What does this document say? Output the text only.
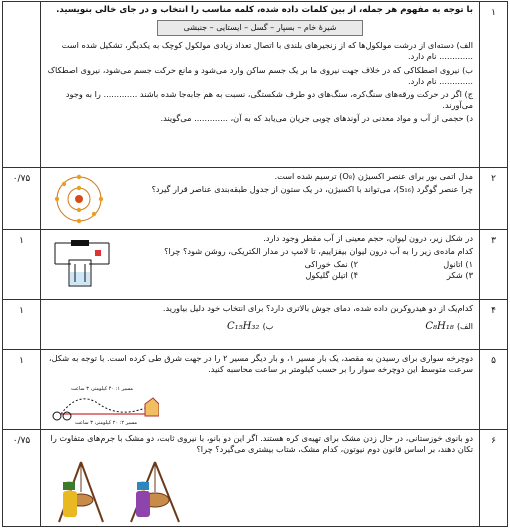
۱

با توجه به مفهوم هر جمله، از بین کلمات داده شده، کلمه مناسب را انتخاب و در جای خالی بنویسید.

شیرهٔ خام – بسپار – گسل – ایستایی – جنبشی

الف) دسته‌ای از درشت مولکول‌ها که از زنجیرهای بلندی با اتصال تعداد زیادی مولکول کوچک به یکدیگر، تشکیل شده است ............. نام دارد.

ب) نیروی اصطکاکی که در خلاف جهت نیروی ما بر یک جسم ساکن وارد می‌شود و مانع حرکت جسم می‌شود، نیروی اصطکاک ............. نام دارد.

ج) اگر در حرکت ورقه‌های سنگ‌کره، سنگ‌های دو طرف شکستگی، نسبت به هم جابه‌جا شده باشند ............. را به وجود می‌آورند.

د) حجمی از آب و مواد معدنی در آوندهای چوبی جریان می‌یابد که به آن، ............. می‌گویند.

۲
۰/۷۵	مدل اتمی بور برای عنصر اکسیژن (O₈) ترسیم شده است.

چرا عنصر گوگرد (S₁₆)، می‌تواند با اکسیژن، در یک ستون از جدول طبقه‌بندی عناصر قرار گیرد؟

۳
۱	در شکل زیر، درون لیوان، حجم معینی از آب مقطر وجود دارد.

کدام ماده‌ی زیر را به آب درون لیوان بیفزاییم، تا لامپ در مدار الکتریکی، روشن شود؟ چرا؟

۱) اتانول
۲) نمک خوراکی
۳) شکر
۴) اتیلن گلیکول
۴
۱	کدام‌یک از دو هیدروکربن داده شده، دمای جوش بالاتری دارد؟ برای انتخاب خود دلیل بیاورید.

الف) C₈H₁₈
ب) C₁₅H₃₂
۵
۱	دوچرخه سواری برای رسیدن به مقصد، یک بار مسیر ۱، و بار دیگر مسیر ۲ را در جهت شرق طی کرده است. با توجه به شکل، سرعت متوسط این دوچرخه سوار را بر حسب کیلومتر بر ساعت محاسبه کنید.

مسیر ۱: ۴۰ کیلومتر، ۳ ساعت
مسیر ۲: ۲۰ کیلومتر، ۳ ساعت
۶
۰/۷۵	دو بانوی خوزستانی، در حال زدن مشک برای تهیه‌ی کره هستند. اگر این دو بانو، با نیروی ثابت، دو مشک با جرم‌های متفاوت را تکان دهند، بر اساس قانون دوم نیوتون، کدام مشک، شتاب بیشتری می‌گیرد؟ چرا؟
